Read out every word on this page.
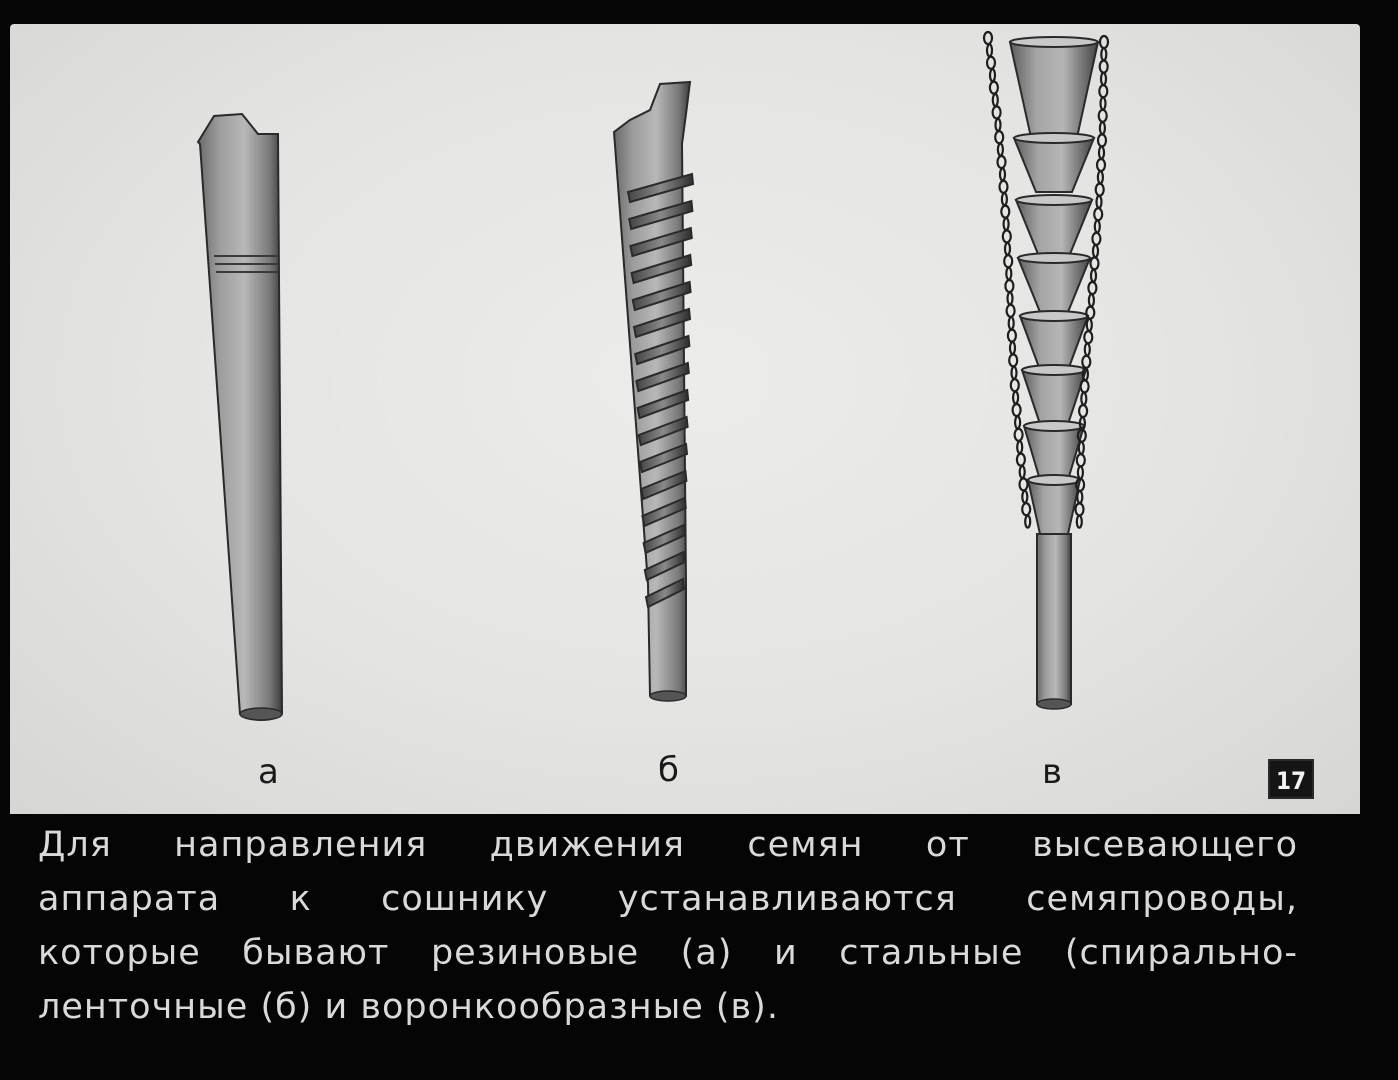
а	б	в	17
Для направления движения семян от высевающего
аппарата к сошнику устанавливаются семяпроводы,
которые бывают резиновые (а) и стальные (спирально-
ленточные (б) и воронкообразные (в).
